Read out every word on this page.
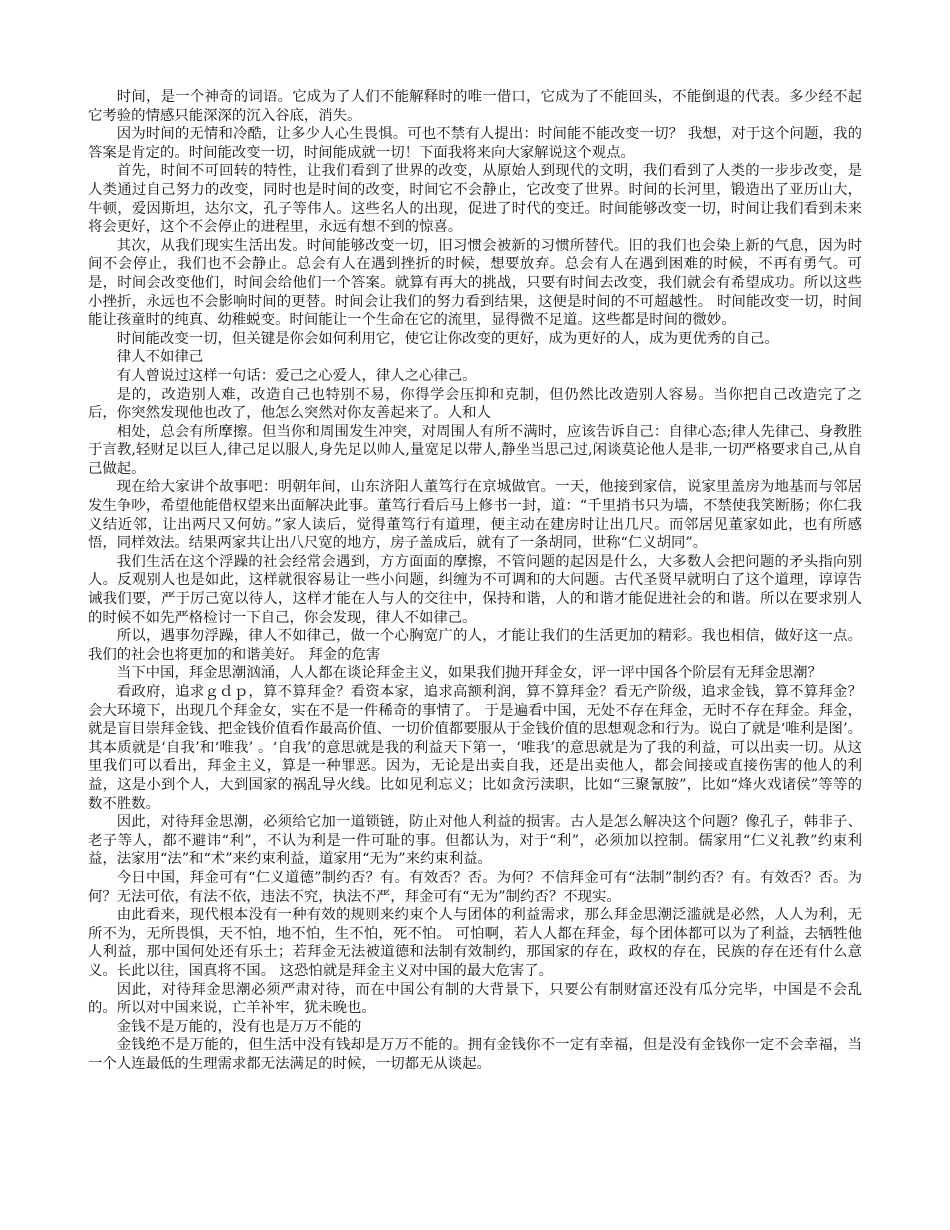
时间，是一个神奇的词语。它成为了人们不能解释时的唯一借口，它成为了不能回头，不能倒退的代表。多少经不起它考验的情感只能深深的沉入谷底，消失。

因为时间的无情和冷酷，让多少人心生畏惧。可也不禁有人提出：时间能不能改变一切？ 我想，对于这个问题，我的答案是肯定的。时间能改变一切，时间能成就一切！下面我将来向大家解说这个观点。

首先，时间不可回转的特性，让我们看到了世界的改变，从原始人到现代的文明，我们看到了人类的一步步改变，是人类通过自己努力的改变，同时也是时间的改变，时间它不会静止，它改变了世界。时间的长河里，锻造出了亚历山大，牛顿，爱因斯坦，达尔文，孔子等伟人。这些名人的出现，促进了时代的变迁。时间能够改变一切，时间让我们看到未来将会更好，这个不会停止的进程里，永远有想不到的惊喜。

其次，从我们现实生活出发。时间能够改变一切，旧习惯会被新的习惯所替代。旧的我们也会染上新的气息，因为时间不会停止，我们也不会静止。总会有人在遇到挫折的时候，想要放弃。总会有人在遇到困难的时候，不再有勇气。可是，时间会改变他们，时间会给他们一个答案。就算有再大的挑战，只要有时间去改变，我们就会有希望成功。所以这些小挫折，永远也不会影响时间的更替。时间会让我们的努力看到结果，这便是时间的不可超越性。 时间能改变一切，时间能让孩童时的纯真、幼稚蜕变。时间能让一个生命在它的流里，显得微不足道。这些都是时间的微妙。

时间能改变一切，但关键是你会如何利用它，使它让你改变的更好，成为更好的人，成为更优秀的自己。

律人不如律己

有人曾说过这样一句话：爱己之心爱人，律人之心律己。

是的，改造别人难，改造自己也特别不易，你得学会压抑和克制，但仍然比改造别人容易。当你把自己改造完了之后，你突然发现他也改了，他怎么突然对你友善起来了。人和人

相处，总会有所摩擦。但当你和周围发生冲突，对周围人有所不满时，应该告诉自己：自律心态;律人先律己、身教胜于言教,轻财足以巨人,律己足以服人,身先足以帅人,量宽足以带人,静坐当思己过,闲谈莫论他人是非,一切严格要求自己,从自己做起。

现在给大家讲个故事吧：明朝年间，山东济阳人董笃行在京城做官。一天，他接到家信，说家里盖房为地基而与邻居发生争吵，希望他能借权望来出面解决此事。董笃行看后马上修书一封，道：“千里捎书只为墙，不禁使我笑断肠；你仁我义结近邻，让出两尺又何妨。”家人读后，觉得董笃行有道理，便主动在建房时让出几尺。而邻居见董家如此，也有所感悟，同样效法。结果两家共让出八尺宽的地方，房子盖成后，就有了一条胡同，世称“仁义胡同”。

我们生活在这个浮躁的社会经常会遇到，方方面面的摩擦，不管问题的起因是什么，大多数人会把问题的矛头指向别人。反观别人也是如此，这样就很容易让一些小问题，纠缠为不可调和的大问题。古代圣贤早就明白了这个道理，谆谆告诫我们要，严于厉己宽以待人，这样才能在人与人的交往中，保持和谐，人的和谐才能促进社会的和谐。所以在要求别人的时候不如先严格检讨一下自己，你会发现，律人不如律己。

所以，遇事勿浮躁，律人不如律己，做一个心胸宽广的人，才能让我们的生活更加的精彩。我也相信，做好这一点。我们的社会也将更加的和谐美好。 拜金的危害

当下中国，拜金思潮汹涌，人人都在谈论拜金主义，如果我们抛开拜金女，评一评中国各个阶层有无拜金思潮？

看政府，追求ｇｄｐ，算不算拜金？看资本家，追求高额利润，算不算拜金？看无产阶级，追求金钱，算不算拜金？会大环境下，出现几个拜金女，实在不是一件稀奇的事情了。 于是遍看中国，无处不存在拜金，无时不存在拜金。拜金， 就是盲目崇拜金钱、把金钱价值看作最高价值、一切价值都要服从于金钱价值的思想观念和行为。说白了就是‘唯利是图’。其本质就是‘自我’和‘唯我’ 。‘自我’的意思就是我的利益天下第一，‘唯我’的意思就是为了我的利益，可以出卖一切。从这里我们可以看出，拜金主义，算是一种罪恶。因为，无论是出卖自我，还是出卖他人，都会间接或直接伤害的他人的利益，这是小到个人，大到国家的祸乱导火线。比如见利忘义；比如贪污渎职，比如“三聚氰胺”，比如“烽火戏诸侯”等等的数不胜数。

因此，对待拜金思潮，必须给它加一道锁链，防止对他人利益的损害。古人是怎么解决这个问题？像孔子，韩非子、老子等人，都不避讳“利”，不认为利是一件可耻的事。但都认为，对于“利”，必须加以控制。儒家用“仁义礼教”约束利益，法家用“法”和“术”来约束利益，道家用“无为”来约束利益。

今日中国，拜金可有“仁义道德”制约否？有。有效否？否。为何？不信拜金可有“法制”制约否？有。有效否？否。为何？无法可依，有法不依，违法不究，执法不严，拜金可有“无为”制约否？不现实。

由此看来，现代根本没有一种有效的规则来约束个人与团体的利益需求，那么拜金思潮泛滥就是必然，人人为利，无所不为，无所畏惧，天不怕，地不怕，生不怕，死不怕。 可怕啊，若人人都在拜金，每个团体都可以为了利益，去牺牲他人利益，那中国何处还有乐土；若拜金无法被道德和法制有效制约，那国家的存在，政权的存在，民族的存在还有什么意义。长此以往，国真将不国。 这恐怕就是拜金主义对中国的最大危害了。

因此，对待拜金思潮必须严肃对待，而在中国公有制的大背景下，只要公有制财富还没有瓜分完毕，中国是不会乱的。所以对中国来说，亡羊补牢，犹未晚也。

金钱不是万能的，没有也是万万不能的

金钱绝不是万能的，但生活中没有钱却是万万不能的。拥有金钱你不一定有幸福，但是没有金钱你一定不会幸福，当一个人连最低的生理需求都无法满足的时候，一切都无从谈起。
